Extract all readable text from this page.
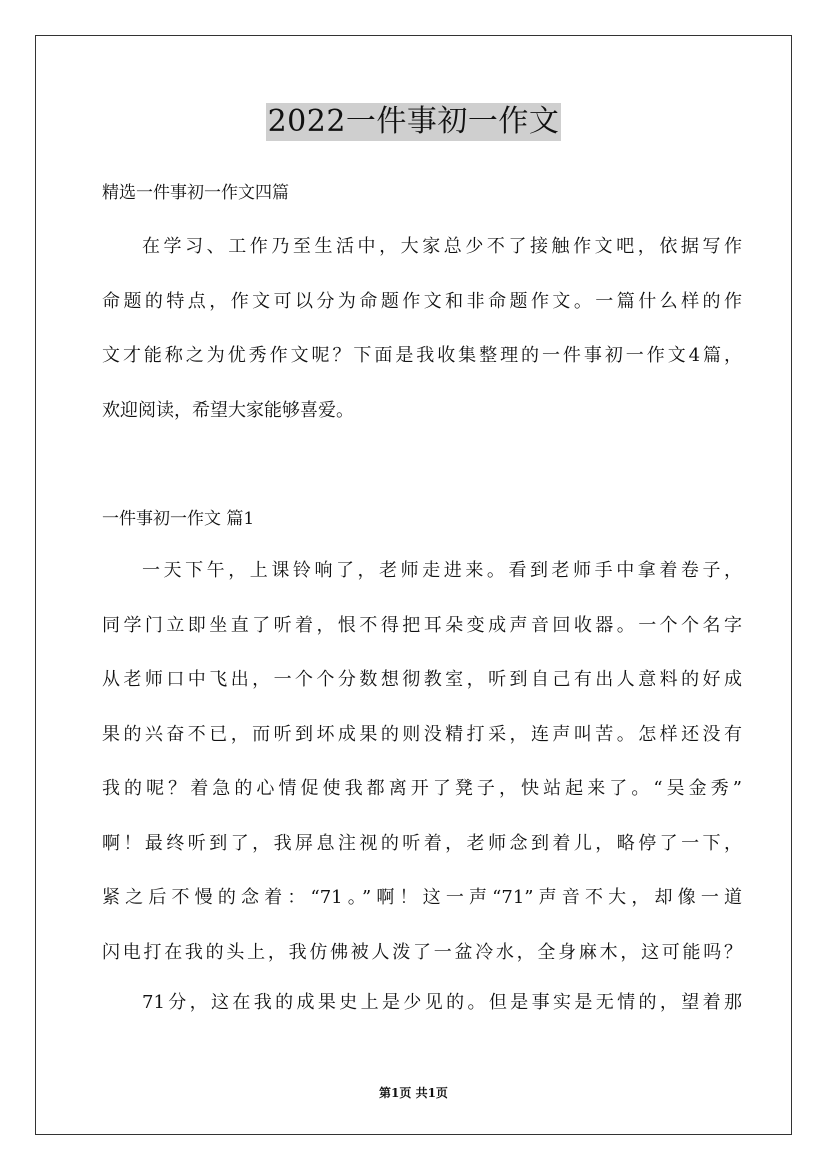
2022一件事初一作文
精选一件事初一作文四篇
在学习、工作乃至生活中，大家总少不了接触作文吧，依据写作
命题的特点，作文可以分为命题作文和非命题作文。一篇什么样的作
文才能称之为优秀作文呢？下面是我收集整理的一件事初一作文4篇，
欢迎阅读，希望大家能够喜爱。
一件事初一作文 篇1
一天下午，上课铃响了，老师走进来。看到老师手中拿着卷子，
同学门立即坐直了听着，恨不得把耳朵变成声音回收器。一个个名字
从老师口中飞出，一个个分数想彻教室，听到自己有出人意料的好成
果的兴奋不已，而听到坏成果的则没精打采，连声叫苦。怎样还没有
我的呢？着急的心情促使我都离开了凳子，快站起来了。“吴金秀”
啊！最终听到了，我屏息注视的听着，老师念到着儿，略停了一下，
紧之后不慢的念着：“71。”啊！这一声“71”声音不大，却像一道
闪电打在我的头上，我仿佛被人泼了一盆冷水，全身麻木，这可能吗？
71分，这在我的成果史上是少见的。但是事实是无情的，望着那
第1页 共1页
